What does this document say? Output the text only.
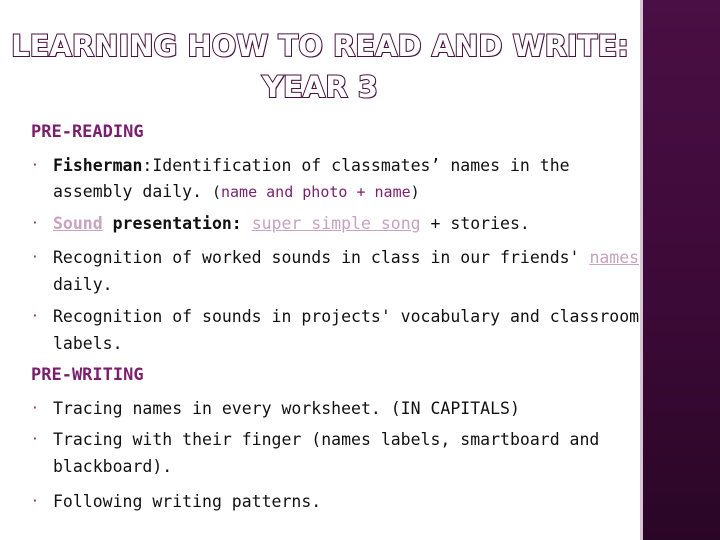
LEARNING HOW TO READ AND WRITE:
YEAR 3
PRE-READING
· Fisherman:Identification of classmates’ names in the
assembly daily. (name and photo + name)
· Sound presentation: super simple song + stories.
· Recognition of worked sounds in class in our friends' names
daily.
· Recognition of sounds in projects' vocabulary and classroom
labels.
PRE-WRITING
· Tracing names in every worksheet. (IN CAPITALS)
· Tracing with their finger (names labels, smartboard and
blackboard).
· Following writing patterns.
